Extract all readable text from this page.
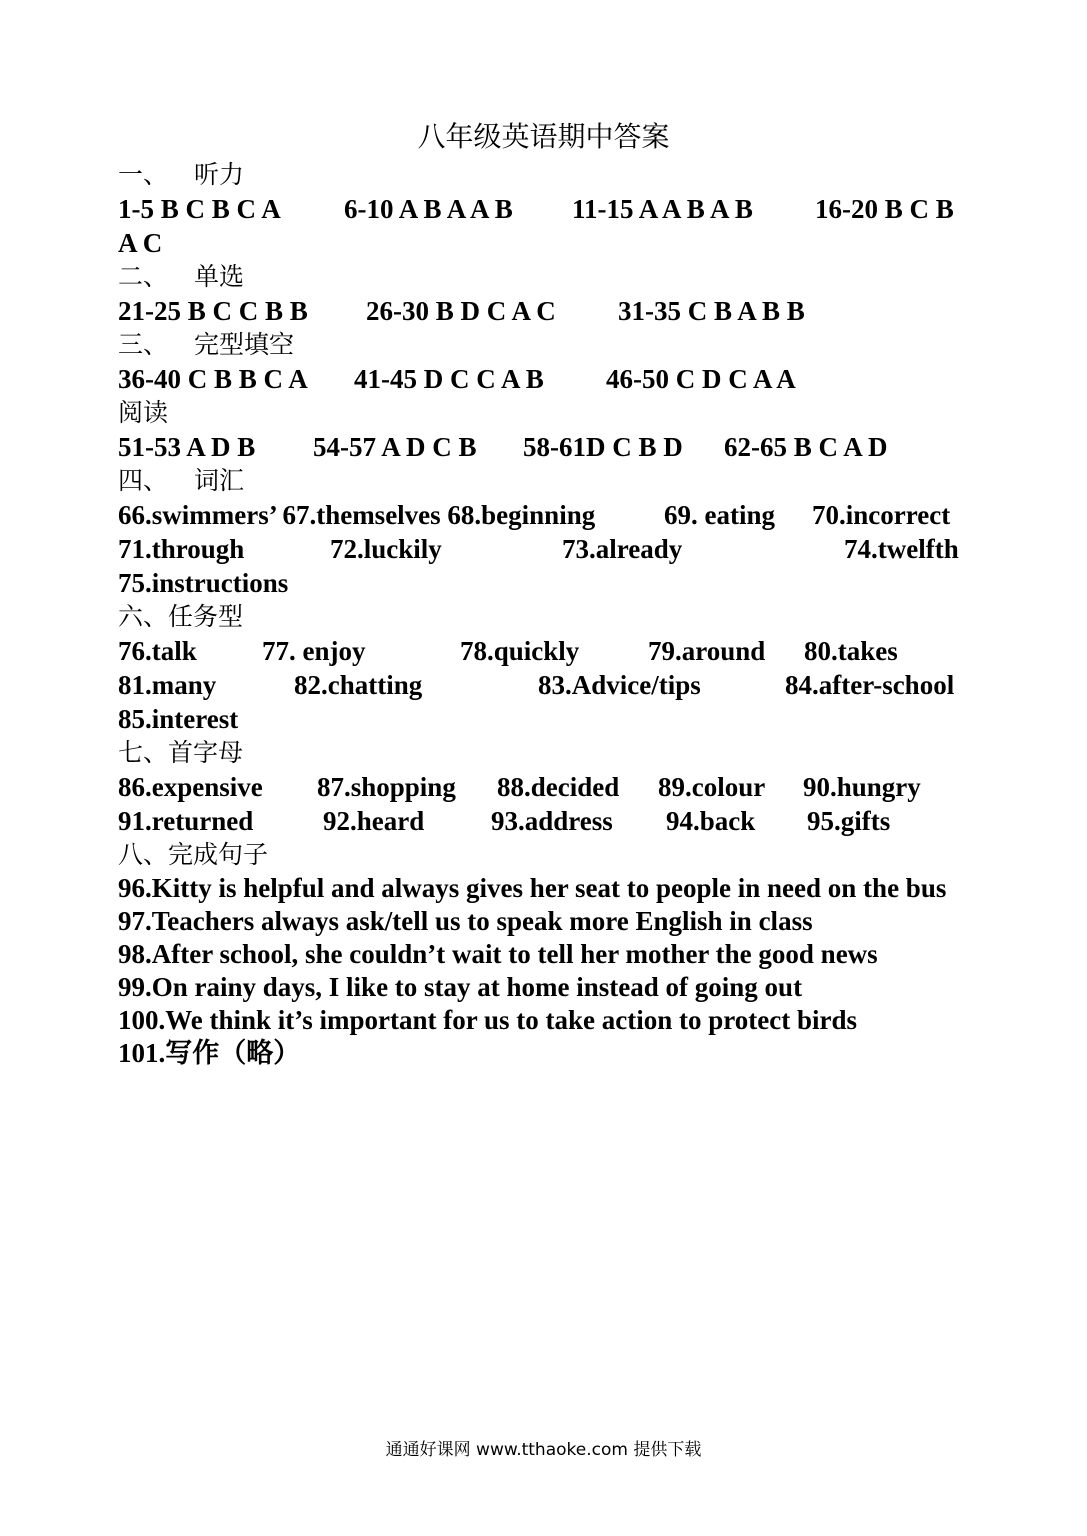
八年级英语期中答案
一、 听力
1-5 B C B C A 6-10 A B A A B 11-15 A A B A B 16-20 B C B
A C
二、 单选
21-25 B C C B B 26-30 B D C A C 31-35 C B A B B
三、 完型填空
36-40 C B B C A 41-45 D C C A B 46-50 C D C A A
阅读
51-53 A D B 54-57 A D C B 58-61D C B D 62-65 B C A D
四、 词汇
66.swimmers’ 67.themselves 68.beginning	69. eating 70.incorrect
71.through	72.luckily	73.already	74.twelfth
75.instructions
六、任务型
76.talk 77. enjoy	78.quickly	79.around 80.takes
81.many	82.chatting	83.Advice/tips	84.after-school
85.interest
七、首字母
86.expensive 87.shopping 88.decided 89.colour 90.hungry
91.returned	92.heard 93.address 94.back 95.gifts
八、完成句子
96.Kitty is helpful and always gives her seat to people in need on the bus
97.Teachers always ask/tell us to speak more English in class
98.After school, she couldn’t wait to tell her mother the good news
99.On rainy days, I like to stay at home instead of going out
100.We think it’s important for us to take action to protect birds
101.写作（略）
通通好课网 www.tthaoke.com 提供下载
